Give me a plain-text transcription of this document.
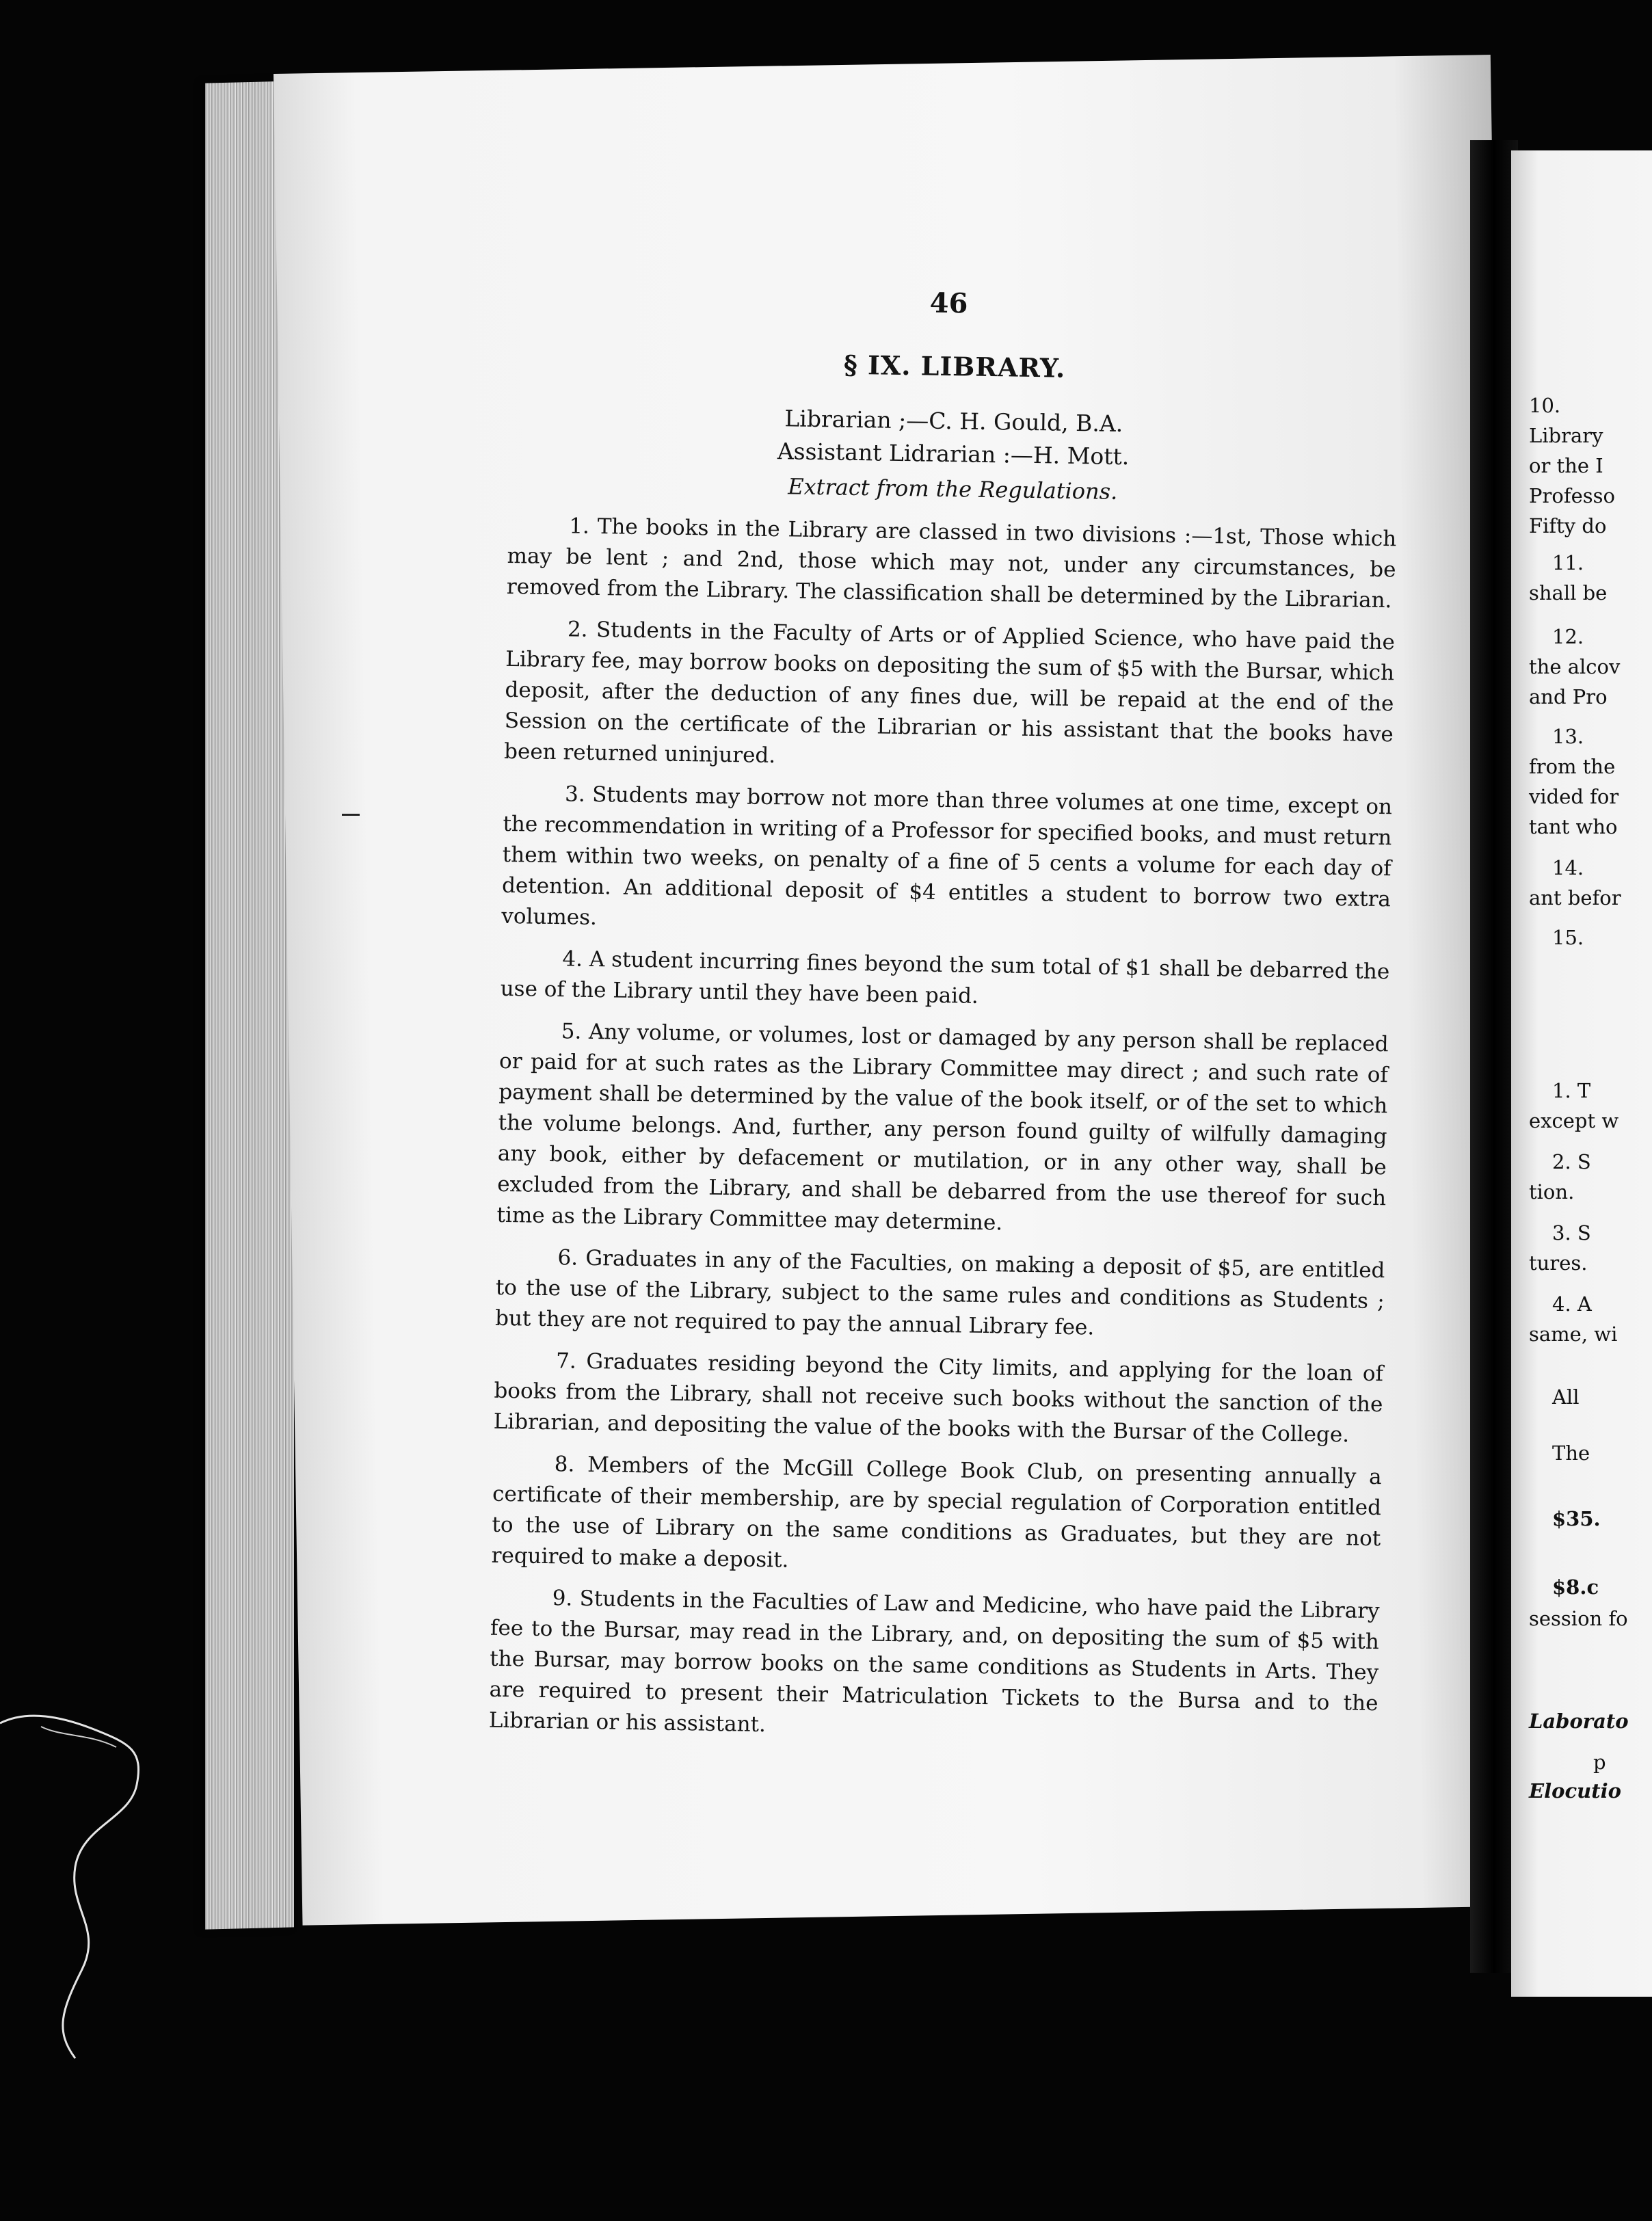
10.
Library
or the I
Professo
Fifty do
11.
shall be
12.
the alcov
and Pro
13.
from the
vided for
tant who
14.
ant befor
15.
1. T
except w
2. S
tion.
3. S
tures.
4. A
same, wi
All
The
$35.
$8.c
session fo
Laborato
p
Elocutio
46
§ IX. LIBRARY.
Librarian ;—C. H. Gould, B.A.
Assistant Lidrarian :—H. Mott.
Extract from the Regulations.

1. The books in the Library are classed in two divisions :—1st, Those which may be lent ; and 2nd, those which may not, under any circumstances, be removed from the Library. The classification shall be determined by the Librarian.

2. Students in the Faculty of Arts or of Applied Science, who have paid the Library fee, may borrow books on depositing the sum of $5 with the Bursar, which deposit, after the deduction of any fines due, will be repaid at the end of the Session on the certificate of the Librarian or his assistant that the books have been returned uninjured.

3. Students may borrow not more than three volumes at one time, except on the recommendation in writing of a Professor for specified books, and must return them within two weeks, on penalty of a fine of 5 cents a volume for each day of detention. An additional deposit of $4 entitles a student to borrow two extra volumes.

4. A student incurring fines beyond the sum total of $1 shall be debarred the use of the Library until they have been paid.

5. Any volume, or volumes, lost or damaged by any person shall be replaced or paid for at such rates as the Library Committee may direct ; and such rate of payment shall be determined by the value of the book itself, or of the set to which the volume belongs. And, further, any person found guilty of wilfully damaging any book, either by defacement or mutilation, or in any other way, shall be excluded from the Library, and shall be debarred from the use thereof for such time as the Library Committee may determine.

6. Graduates in any of the Faculties, on making a deposit of $5, are entitled to the use of the Library, subject to the same rules and conditions as Students ; but they are not required to pay the annual Library fee.

7. Graduates residing beyond the City limits, and applying for the loan of books from the Library, shall not receive such books without the sanction of the Librarian, and depositing the value of the books with the Bursar of the College.

8. Members of the McGill College Book Club, on presenting annually a certificate of their membership, are by special regulation of Corporation entitled to the use of Library on the same conditions as Graduates, but they are not required to make a deposit.

9. Students in the Faculties of Law and Medicine, who have paid the Library fee to the Bursar, may read in the Library, and, on depositing the sum of $5 with the Bursar, may borrow books on the same conditions as Students in Arts. They are required to present their Matriculation Tickets to the Bursa and to the Librarian or his assistant.
